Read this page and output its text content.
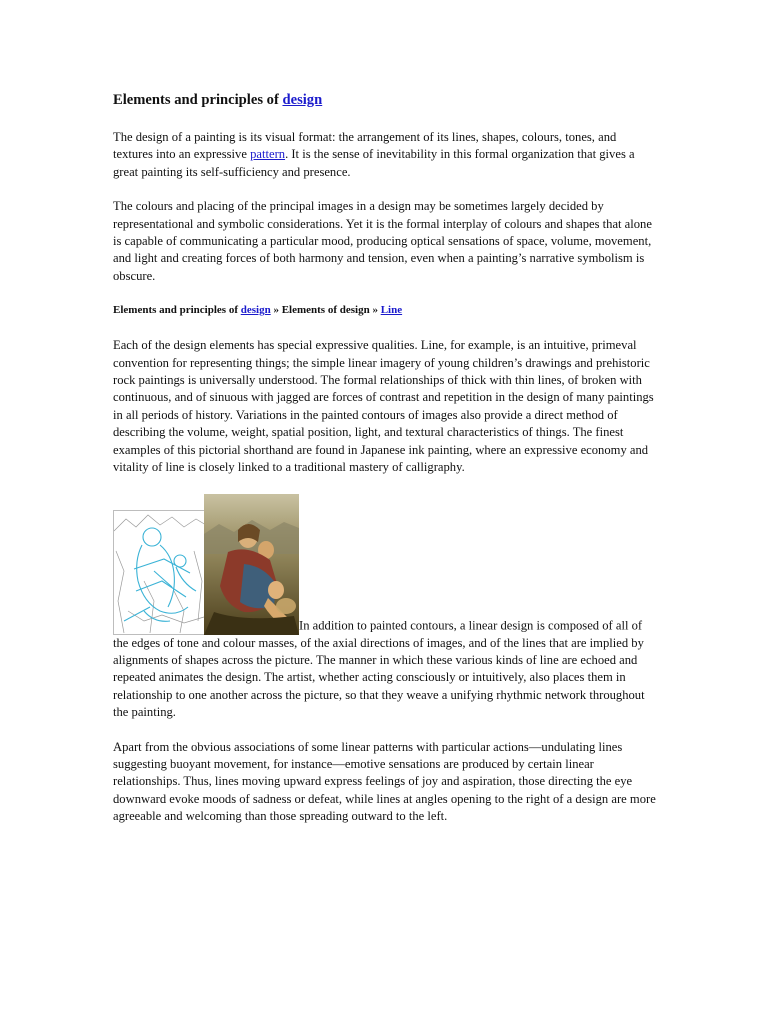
Elements and principles of design

The design of a painting is its visual format: the arrangement of its lines, shapes, colours, tones, and textures into an expressive pattern. It is the sense of inevitability in this formal organization that gives a great painting its self-sufficiency and presence.

The colours and placing of the principal images in a design may be sometimes largely decided by representational and symbolic considerations. Yet it is the formal interplay of colours and shapes that alone is capable of communicating a particular mood, producing optical sensations of space, volume, movement, and light and creating forces of both harmony and tension, even when a painting’s narrative symbolism is obscure.

Elements and principles of design » Elements of design » Line

Each of the design elements has special expressive qualities. Line, for example, is an intuitive, primeval convention for representing things; the simple linear imagery of young children’s drawings and prehistoric rock paintings is universally understood. The formal relationships of thick with thin lines, of broken with continuous, and of sinuous with jagged are forces of contrast and repetition in the design of many paintings in all periods of history. Variations in the painted contours of images also provide a direct method of describing the volume, weight, spatial position, light, and textural characteristics of things. The finest examples of this pictorial shorthand are found in Japanese ink painting, where an expressive economy and vitality of line is closely linked to a traditional mastery of calligraphy.

In addition to painted contours, a linear design is composed of all of the edges of tone and colour masses, of the axial directions of images, and of the lines that are implied by alignments of shapes across the picture. The manner in which these various kinds of line are echoed and repeated animates the design. The artist, whether acting consciously or intuitively, also places them in relationship to one another across the picture, so that they weave a unifying rhythmic network throughout the painting.

Apart from the obvious associations of some linear patterns with particular actions—undulating lines suggesting buoyant movement, for instance—emotive sensations are produced by certain linear relationships. Thus, lines moving upward express feelings of joy and aspiration, those directing the eye downward evoke moods of sadness or defeat, while lines at angles opening to the right of a design are more agreeable and welcoming than those spreading outward to the left.
